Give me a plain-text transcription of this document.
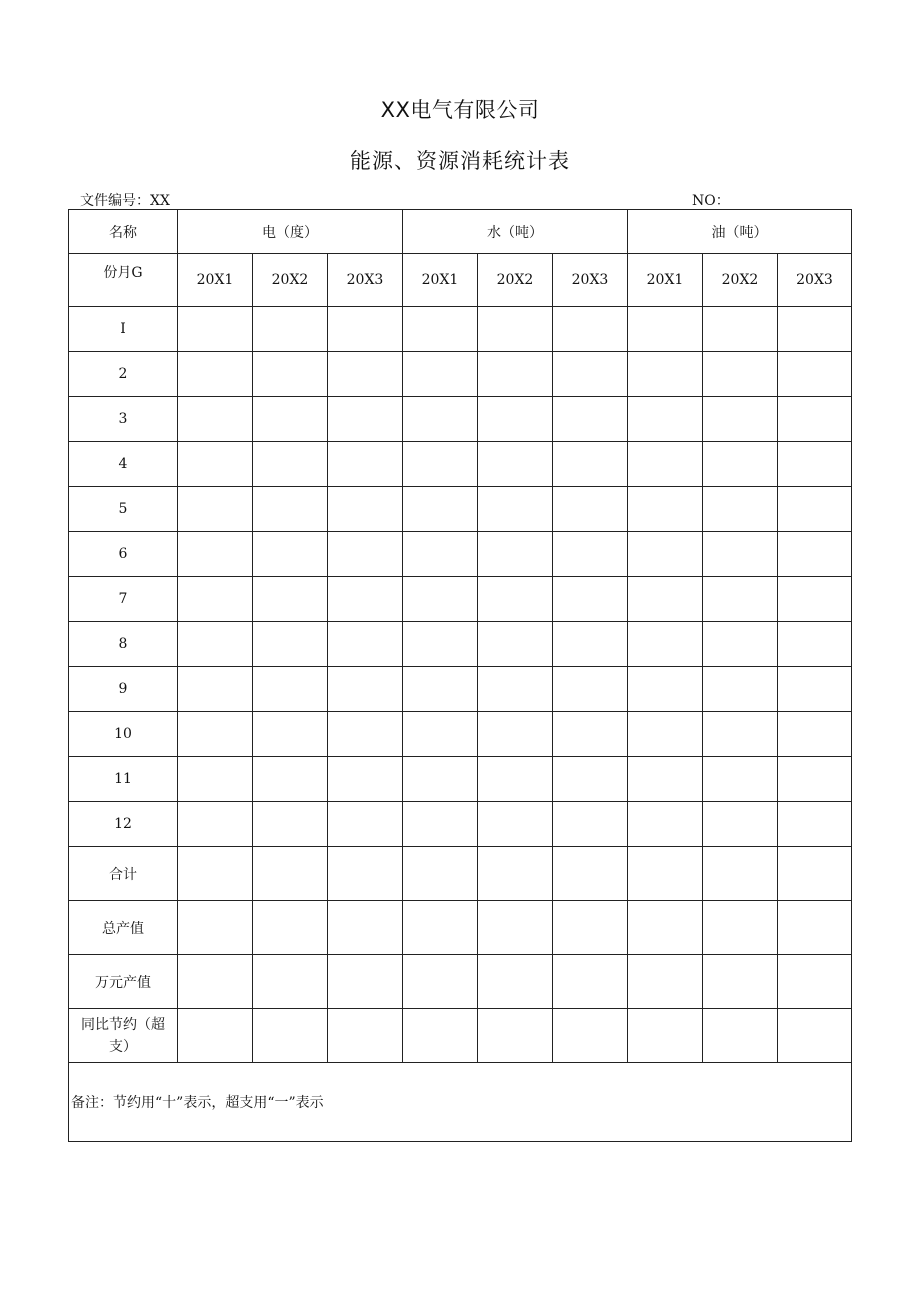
XX电气有限公司
能源、资源消耗统计表
文件编号：XX	NO：
名称	电（度）			水（吨）			油（吨）		
份月G	20X1	20X2	20X3	20X1	20X2	20X3	20X1	20X2	20X3
I									
2									
3									
4									
5									
6									
7									
8									
9									
10									
11									
12									
合计									
总产值									
万元产值									
同比节约（超支）									
备注：节约用“十”表示，超支用“一”表示									
